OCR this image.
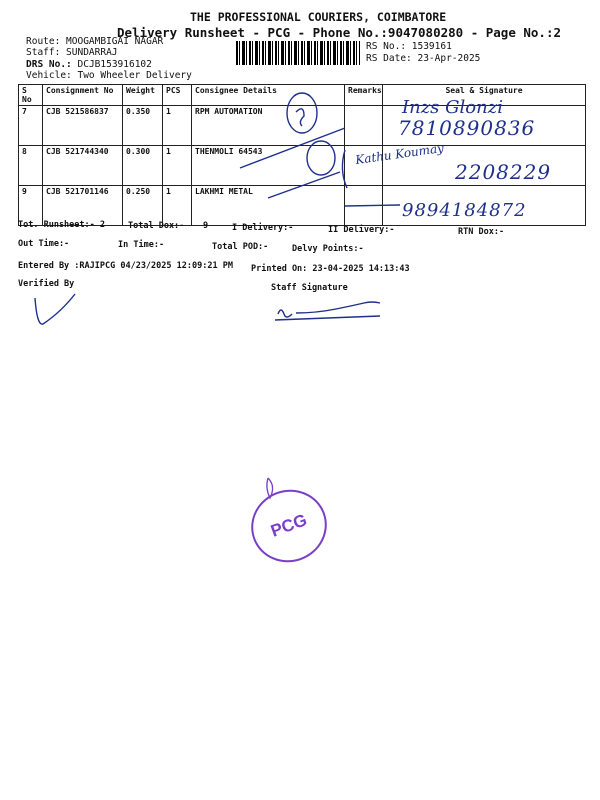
THE PROFESSIONAL COURIERS, COIMBATORE
Delivery Runsheet - PCG - Phone No.:9047080280 - Page No.:2
Route: MOOGAMBIGAI NAGAR
Staff: SUNDARRAJ
DRS No.: DCJB153916102
Vehicle: Two Wheeler Delivery
RS No.: 1539161
RS Date: 23-Apr-2025
S No	Consignment No	Weight	PCS	Consignee Details	Remarks	Seal & Signature
7	CJB 521586837	0.350	1	RPM AUTOMATION		
8	CJB 521744340	0.300	1	THENMOLI 64543		
9	CJB 521701146	0.250	1	LAKHMI METAL		
Inzs Glonzi
7810890836
Kathu Koumay
2208229
9894184872
Tot. Runsheet:- 2	Total Dox:- 9	I Delivery:-	II Delivery:-	RTN Dox:-
Out Time:-	In Time:-	Total POD:-	Delvy Points:-
Entered By :RAJIPCG 04/23/2025 12:09:21 PM Printed On: 23-04-2025 14:13:43
Verified By	Staff Signature
PCG
